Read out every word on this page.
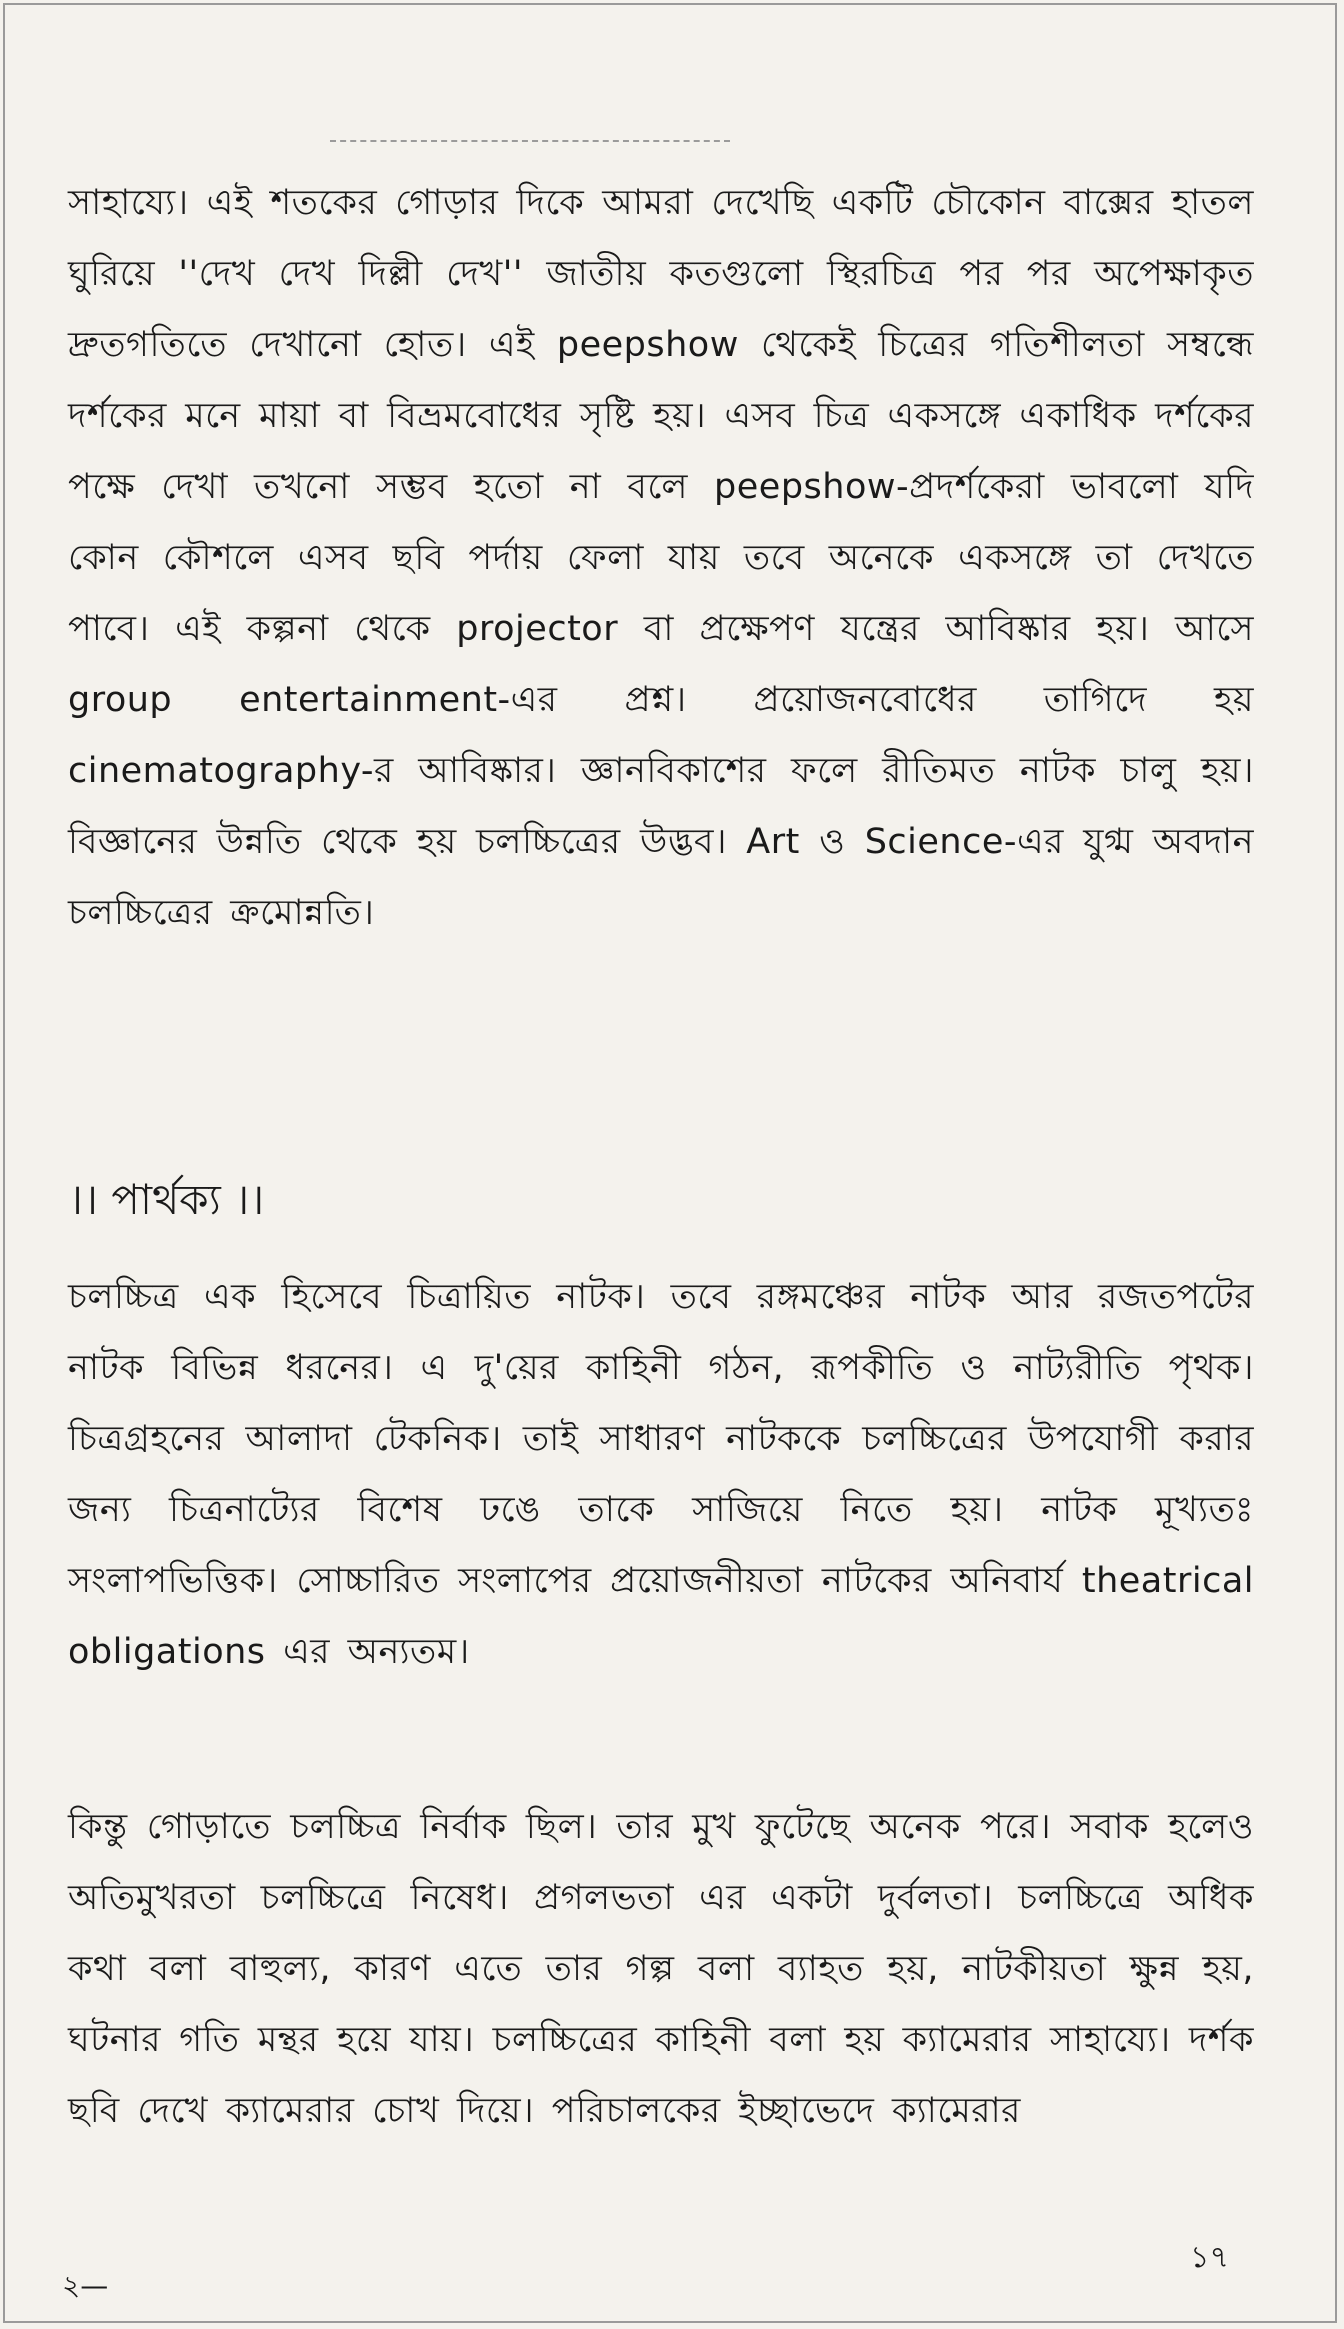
সাহায্যে। এই শতকের গোড়ার দিকে আমরা দেখেছি একটি চৌকোন বাক্সের হাতল ঘুরিয়ে ''দেখ দেখ দিল্লী দেখ'' জাতীয় কতগুলো স্থিরচিত্র পর পর অপেক্ষাকৃত দ্রুতগতিতে দেখানো হোত। এই peepshow থেকেই চিত্রের গতিশীলতা সম্বন্ধে দর্শকের মনে মায়া বা বিভ্রমবোধের সৃষ্টি হয়। এসব চিত্র একসঙ্গে একাধিক দর্শকের পক্ষে দেখা তখনো সম্ভব হতো না বলে peepshow-প্রদর্শকেরা ভাবলো যদি কোন কৌশলে এসব ছবি পর্দায় ফেলা যায় তবে অনেকে একসঙ্গে তা দেখতে পাবে। এই কল্পনা থেকে projector বা প্রক্ষেপণ যন্ত্রের আবিষ্কার হয়। আসে group entertainment-এর প্রশ্ন। প্রয়োজনবোধের তাগিদে হয় cinematography-র আবিষ্কার। জ্ঞানবিকাশের ফলে রীতিমত নাটক চালু হয়। বিজ্ঞানের উন্নতি থেকে হয় চলচ্চিত্রের উদ্ভব। Art ও Science-এর যুগ্ম অবদান চলচ্চিত্রের ক্রমোন্নতি।

।। পার্থক্য ।।

চলচ্চিত্র এক হিসেবে চিত্রায়িত নাটক। তবে রঙ্গমঞ্চের নাটক আর রজতপটের নাটক বিভিন্ন ধরনের। এ দু'য়ের কাহিনী গঠন, রূপকীতি ও নাট্যরীতি পৃথক। চিত্রগ্রহনের আলাদা টেকনিক। তাই সাধারণ নাটককে চলচ্চিত্রের উপযোগী করার জন্য চিত্রনাট্যের বিশেষ ঢঙে তাকে সাজিয়ে নিতে হয়। নাটক মূখ্যতঃ সংলাপভিত্তিক। সোচ্চারিত সংলাপের প্রয়োজনীয়তা নাটকের অনিবার্য theatrical obligations এর অন্যতম।

কিন্তু গোড়াতে চলচ্চিত্র নির্বাক ছিল। তার মুখ ফুটেছে অনেক পরে। সবাক হলেও অতিমুখরতা চলচ্চিত্রে নিষেধ। প্রগলভতা এর একটা দুর্বলতা। চলচ্চিত্রে অধিক কথা বলা বাহুল্য, কারণ এতে তার গল্প বলা ব্যাহত হয়, নাটকীয়তা ক্ষুন্ন হয়, ঘটনার গতি মন্থর হয়ে যায়। চলচ্চিত্রের কাহিনী বলা হয় ক্যামেরার সাহায্যে। দর্শক ছবি দেখে ক্যামেরার চোখ দিয়ে। পরিচালকের ইচ্ছাভেদে ক্যামেরার

২—
১৭
